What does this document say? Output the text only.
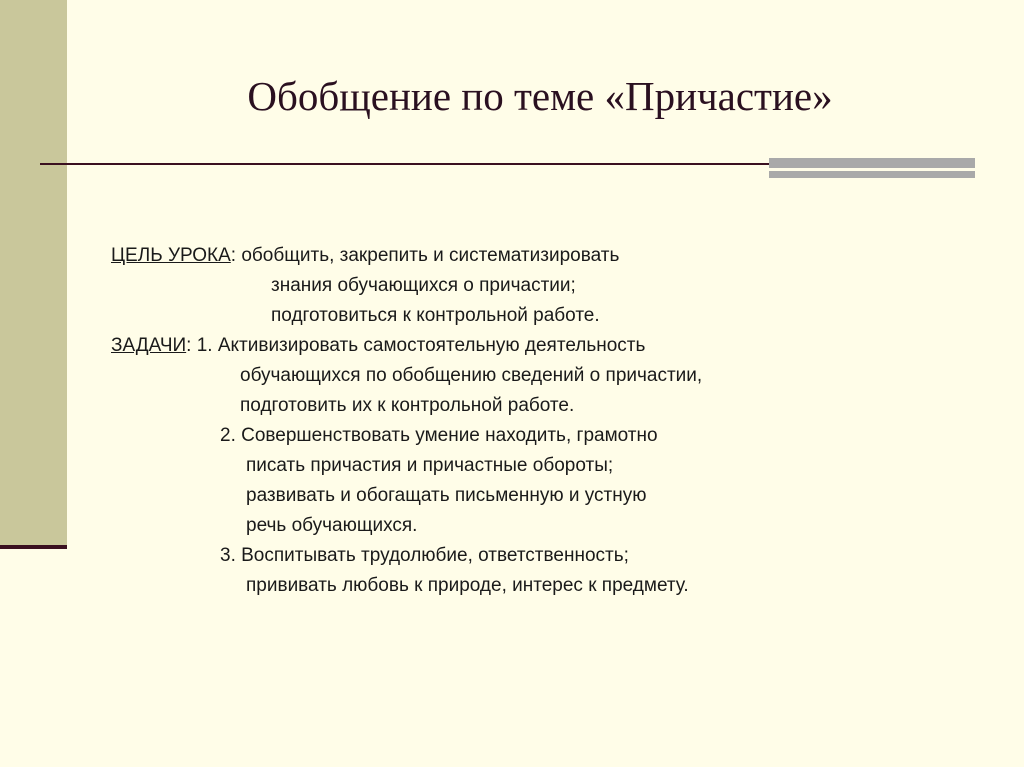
Обобщение по теме «Причастие»
ЦЕЛЬ УРОКА: обобщить, закрепить и систематизировать
знания обучающихся о причастии;
подготовиться к контрольной работе.
ЗАДАЧИ: 1. Активизировать самостоятельную деятельность
обучающихся по обобщению сведений о причастии,
подготовить их к контрольной работе.
2. Совершенствовать умение находить, грамотно
писать причастия и причастные обороты;
развивать и обогащать письменную и устную
речь обучающихся.
3. Воспитывать трудолюбие, ответственность;
прививать любовь к природе, интерес к предмету.
